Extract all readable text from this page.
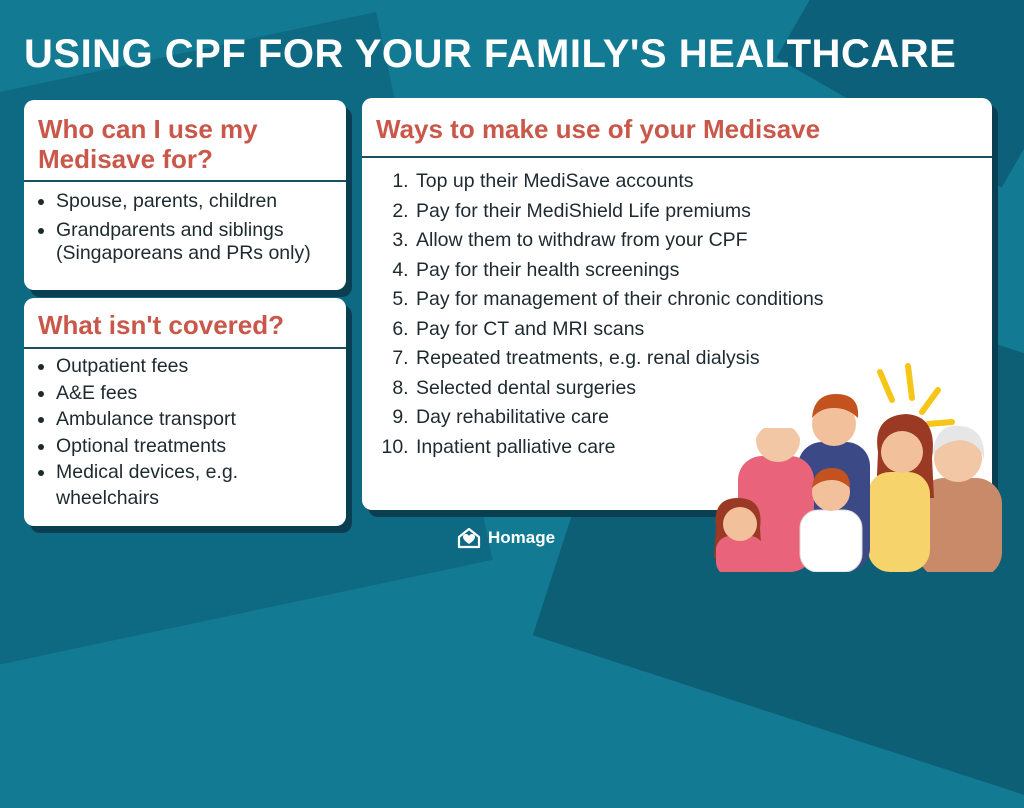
USING CPF FOR YOUR FAMILY'S HEALTHCARE
Who can I use my Medisave for?
• Spouse, parents, children
• Grandparents and siblings
(Singaporeans and PRs only)
What isn't covered?
• Outpatient fees
• A&E fees
• Ambulance transport
• Optional treatments
• Medical devices, e.g.
wheelchairs
Ways to make use of your Medisave
1. Top up their MediSave accounts
2. Pay for their MediShield Life premiums
3. Allow them to withdraw from your CPF
4. Pay for their health screenings
5. Pay for management of their chronic conditions
6. Pay for CT and MRI scans
7. Repeated treatments, e.g. renal dialysis
8. Selected dental surgeries
9. Day rehabilitative care
10. Inpatient palliative care
Homage
